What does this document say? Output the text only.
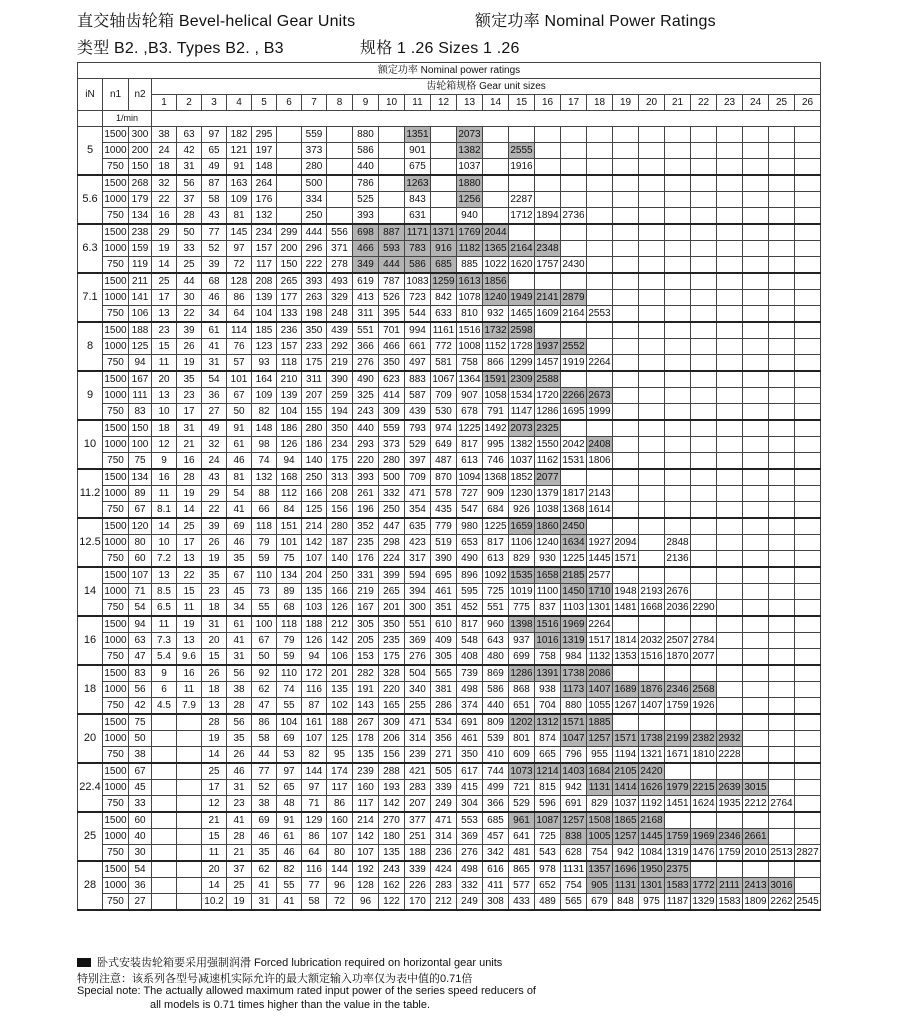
直交轴齿轮箱 Bevel-helical Gear Units	额定功率 Nominal Power Ratings
类型 B2. ,B3. Types B2. , B3	规格 1 .26 Sizes 1 .26
额定功率 Nominal power ratings																												
iN	n1	n2	齿轮箱规格 Gear unit sizes																									
			1	2	3	4	5	6	7	8	9	10	11	12	13	14	15	16	17	18	19	20	21	22	23	24	25	26
	1/min																											
5	1500	300	38	63	97	182	295		559		880		1351		2073													
	1000	200	24	42	65	121	197		373		586		901		1382		2555											
	750	150	18	31	49	91	148		280		440		675		1037		1916											
5.6	1500	268	32	56	87	163	264		500		786		1263		1880													
	1000	179	22	37	58	109	176		334		525		843		1256		2287											
	750	134	16	28	43	81	132		250		393		631		940		1712	1894	2736									
6.3	1500	238	29	50	77	145	234	299	444	556	698	887	1171	1371	1769	2044												
	1000	159	19	33	52	97	157	200	296	371	466	593	783	916	1182	1365	2164	2348										
	750	119	14	25	39	72	117	150	222	278	349	444	586	685	885	1022	1620	1757	2430									
7.1	1500	211	25	44	68	128	208	265	393	493	619	787	1083	1259	1613	1856												
	1000	141	17	30	46	86	139	177	263	329	413	526	723	842	1078	1240	1949	2141	2879									
	750	106	13	22	34	64	104	133	198	248	311	395	544	633	810	932	1465	1609	2164	2553								
8	1500	188	23	39	61	114	185	236	350	439	551	701	994	1161	1516	1732	2598											
	1000	125	15	26	41	76	123	157	233	292	366	466	661	772	1008	1152	1728	1937	2552									
	750	94	11	19	31	57	93	118	175	219	276	350	497	581	758	866	1299	1457	1919	2264								
9	1500	167	20	35	54	101	164	210	311	390	490	623	883	1067	1364	1591	2309	2588										
	1000	111	13	23	36	67	109	139	207	259	325	414	587	709	907	1058	1534	1720	2266	2673								
	750	83	10	17	27	50	82	104	155	194	243	309	439	530	678	791	1147	1286	1695	1999								
10	1500	150	18	31	49	91	148	186	280	350	440	559	793	974	1225	1492	2073	2325										
	1000	100	12	21	32	61	98	126	186	234	293	373	529	649	817	995	1382	1550	2042	2408								
	750	75	9	16	24	46	74	94	140	175	220	280	397	487	613	746	1037	1162	1531	1806								
11.2	1500	134	16	28	43	81	132	168	250	313	393	500	709	870	1094	1368	1852	2077										
	1000	89	11	19	29	54	88	112	166	208	261	332	471	578	727	909	1230	1379	1817	2143								
	750	67	8.1	14	22	41	66	84	125	156	196	250	354	435	547	684	926	1038	1368	1614								
12.5	1500	120	14	25	39	69	118	151	214	280	352	447	635	779	980	1225	1659	1860	2450									
	1000	80	10	17	26	46	79	101	142	187	235	298	423	519	653	817	1106	1240	1634	1927	2094		2848					
	750	60	7.2	13	19	35	59	75	107	140	176	224	317	390	490	613	829	930	1225	1445	1571		2136					
14	1500	107	13	22	35	67	110	134	204	250	331	399	594	695	896	1092	1535	1658	2185	2577								
	1000	71	8.5	15	23	45	73	89	135	166	219	265	394	461	595	725	1019	1100	1450	1710	1948	2193	2676					
	750	54	6.5	11	18	34	55	68	103	126	167	201	300	351	452	551	775	837	1103	1301	1481	1668	2036	2290				
16	1500	94	11	19	31	61	100	118	188	212	305	350	551	610	817	960	1398	1516	1969	2264								
	1000	63	7.3	13	20	41	67	79	126	142	205	235	369	409	548	643	937	1016	1319	1517	1814	2032	2507	2784				
	750	47	5.4	9.6	15	31	50	59	94	106	153	175	276	305	408	480	699	758	984	1132	1353	1516	1870	2077				
18	1500	83	9	16	26	56	92	110	172	201	282	328	504	565	739	869	1286	1391	1738	2086								
	1000	56	6	11	18	38	62	74	116	135	191	220	340	381	498	586	868	938	1173	1407	1689	1876	2346	2568				
	750	42	4.5	7.9	13	28	47	55	87	102	143	165	255	286	374	440	651	704	880	1055	1267	1407	1759	1926				
20	1500	75			28	56	86	104	161	188	267	309	471	534	691	809	1202	1312	1571	1885								
	1000	50			19	35	58	69	107	125	178	206	314	356	461	539	801	874	1047	1257	1571	1738	2199	2382	2932			
	750	38			14	26	44	53	82	95	135	156	239	271	350	410	609	665	796	955	1194	1321	1671	1810	2228			
22.4	1500	67			25	46	77	97	144	174	239	288	421	505	617	744	1073	1214	1403	1684	2105	2420						
	1000	45			17	31	52	65	97	117	160	193	283	339	415	499	721	815	942	1131	1414	1626	1979	2215	2639	3015		
	750	33			12	23	38	48	71	86	117	142	207	249	304	366	529	596	691	829	1037	1192	1451	1624	1935	2212	2764	
25	1500	60			21	41	69	91	129	160	214	270	377	471	553	685	961	1087	1257	1508	1865	2168						
	1000	40			15	28	46	61	86	107	142	180	251	314	369	457	641	725	838	1005	1257	1445	1759	1969	2346	2661		
	750	30			11	21	35	46	64	80	107	135	188	236	276	342	481	543	628	754	942	1084	1319	1476	1759	2010	2513	2827
28	1500	54			20	37	62	82	116	144	192	243	339	424	498	616	865	978	1131	1357	1696	1950	2375					
	1000	36			14	25	41	55	77	96	128	162	226	283	332	411	577	652	754	905	1131	1301	1583	1772	2111	2413	3016	
	750	27			10.2	19	31	41	58	72	96	122	170	212	249	308	433	489	565	679	848	975	1187	1329	1583	1809	2262	2545
卧式安装齿轮箱要采用强制润滑 Forced lubrication required on horizontal gear units
特别注意：该系列各型号减速机实际允许的最大额定输入功率仅为表中值的0.71倍
Special note: The actually allowed maximum rated input power of the series speed reducers of
all models is 0.71 times higher than the value in the table.
